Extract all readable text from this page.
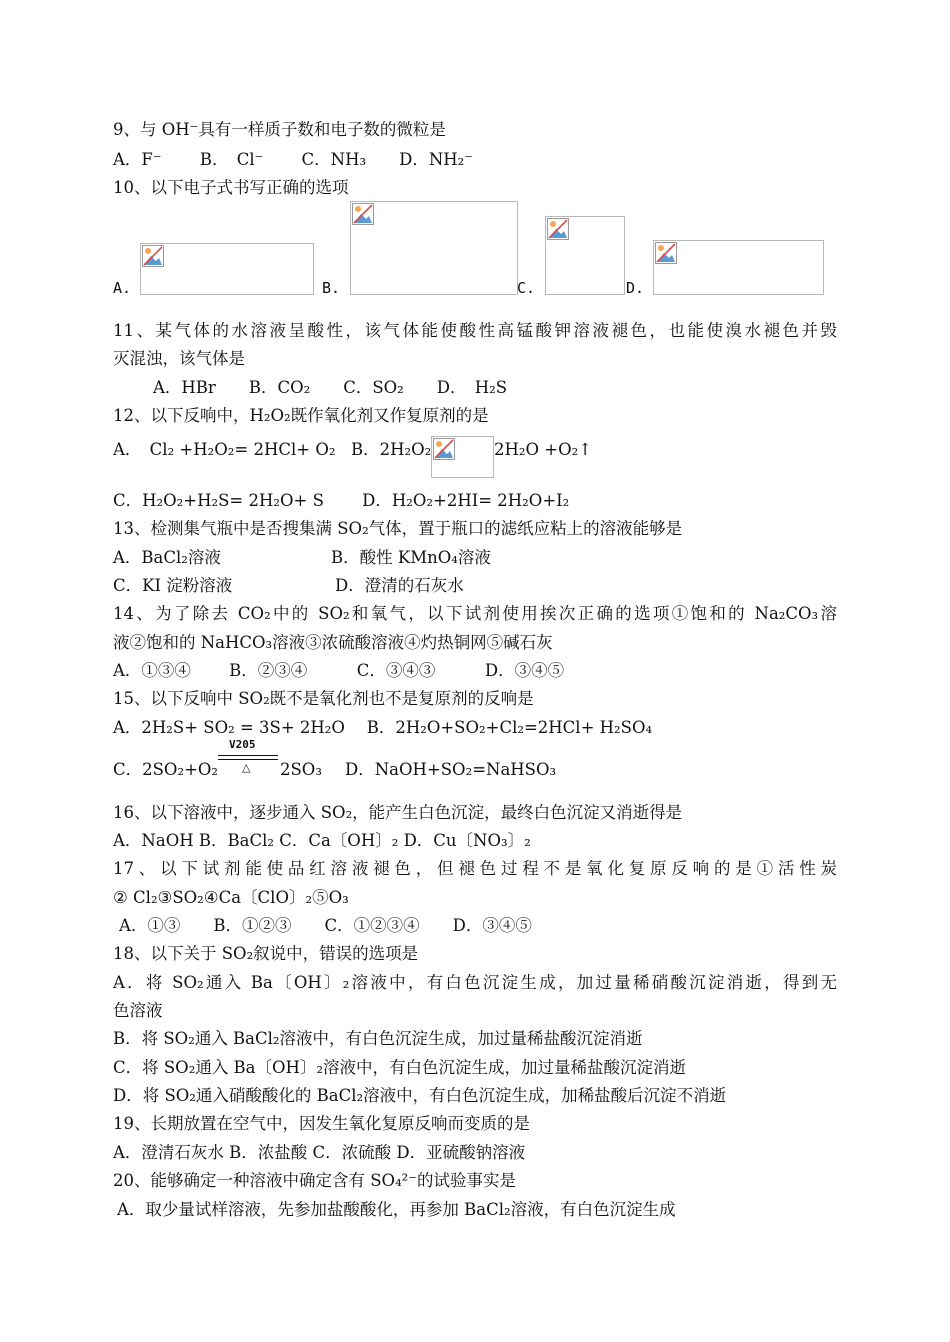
9、与 OH⁻具有一样质子数和电子数的微粒是
A．F⁻　　 B．　Cl⁻　　 C．NH₃　　D．NH₂⁻
10、以下电子式书写正确的选项
A.	B.	C.	D.
11、某气体的水溶液呈酸性，该气体能使酸性高锰酸钾溶液褪色，也能使溴水褪色并毁
灭混浊，该气体是
A．HBr　　B．CO₂　　C．SO₂　　D．　H₂S
12、以下反响中，H₂O₂既作氧化剂又作复原剂的是
A．　Cl₂ +H₂O₂= 2HCl+ O₂ B．2H₂O₂	2H₂O +O₂↑
C．H₂O₂+H₂S= 2H₂O+ S　　 D．H₂O₂+2HI= 2H₂O+I₂
13、检测集气瓶中是否搜集满 SO₂气体，置于瓶口的滤纸应粘上的溶液能够是
A．BaCl₂溶液	B．酸性 KMnO₄溶液
C．KI 淀粉溶液	D．澄清的石灰水
14、为了除去 CO₂中的 SO₂和氧气，以下试剂使用挨次正确的选项①饱和的 Na₂CO₃溶
液②饱和的 NaHCO₃溶液③浓硫酸溶液④灼热铜网⑤碱石灰
A．①③④　　 B．②③④　　　C．③④③　　　D．③④⑤
15、以下反响中 SO₂既不是氧化剂也不是复原剂的反响是
A．2H₂S+ SO₂ = 3S+ 2H₂O　 B．2H₂O+SO₂+Cl₂=2HCl+ H₂SO₄
C．2SO₂+O₂
V205
△ 2SO₃ D．NaOH+SO₂=NaHSO₃
16、以下溶液中，逐步通入 SO₂，能产生白色沉淀，最终白色沉淀又消逝得是
A．NaOH B．BaCl₂ C．Ca〔OH〕₂ D．Cu〔NO₃〕₂
17、以下试剂能使品红溶液褪色，但褪色过程不是氧化复原反响的是①活性炭
② Cl₂③SO₂④Ca〔ClO〕₂⑤O₃
A．①③　　B．①②③　　C．①②③④　　D．③④⑤
18、以下关于 SO₂叙说中，错误的选项是
A．将 SO₂通入 Ba〔OH〕₂溶液中，有白色沉淀生成，加过量稀硝酸沉淀消逝，得到无
色溶液
B．将 SO₂通入 BaCl₂溶液中，有白色沉淀生成，加过量稀盐酸沉淀消逝
C．将 SO₂通入 Ba〔OH〕₂溶液中，有白色沉淀生成，加过量稀盐酸沉淀消逝
D．将 SO₂通入硝酸酸化的 BaCl₂溶液中，有白色沉淀生成，加稀盐酸后沉淀不消逝
19、长期放置在空气中，因发生氧化复原反响而变质的是
A．澄清石灰水 B．浓盐酸 C．浓硫酸 D．亚硫酸钠溶液
20、能够确定一种溶液中确定含有 SO₄²⁻的试验事实是
A．取少量试样溶液，先参加盐酸酸化，再参加 BaCl₂溶液，有白色沉淀生成
